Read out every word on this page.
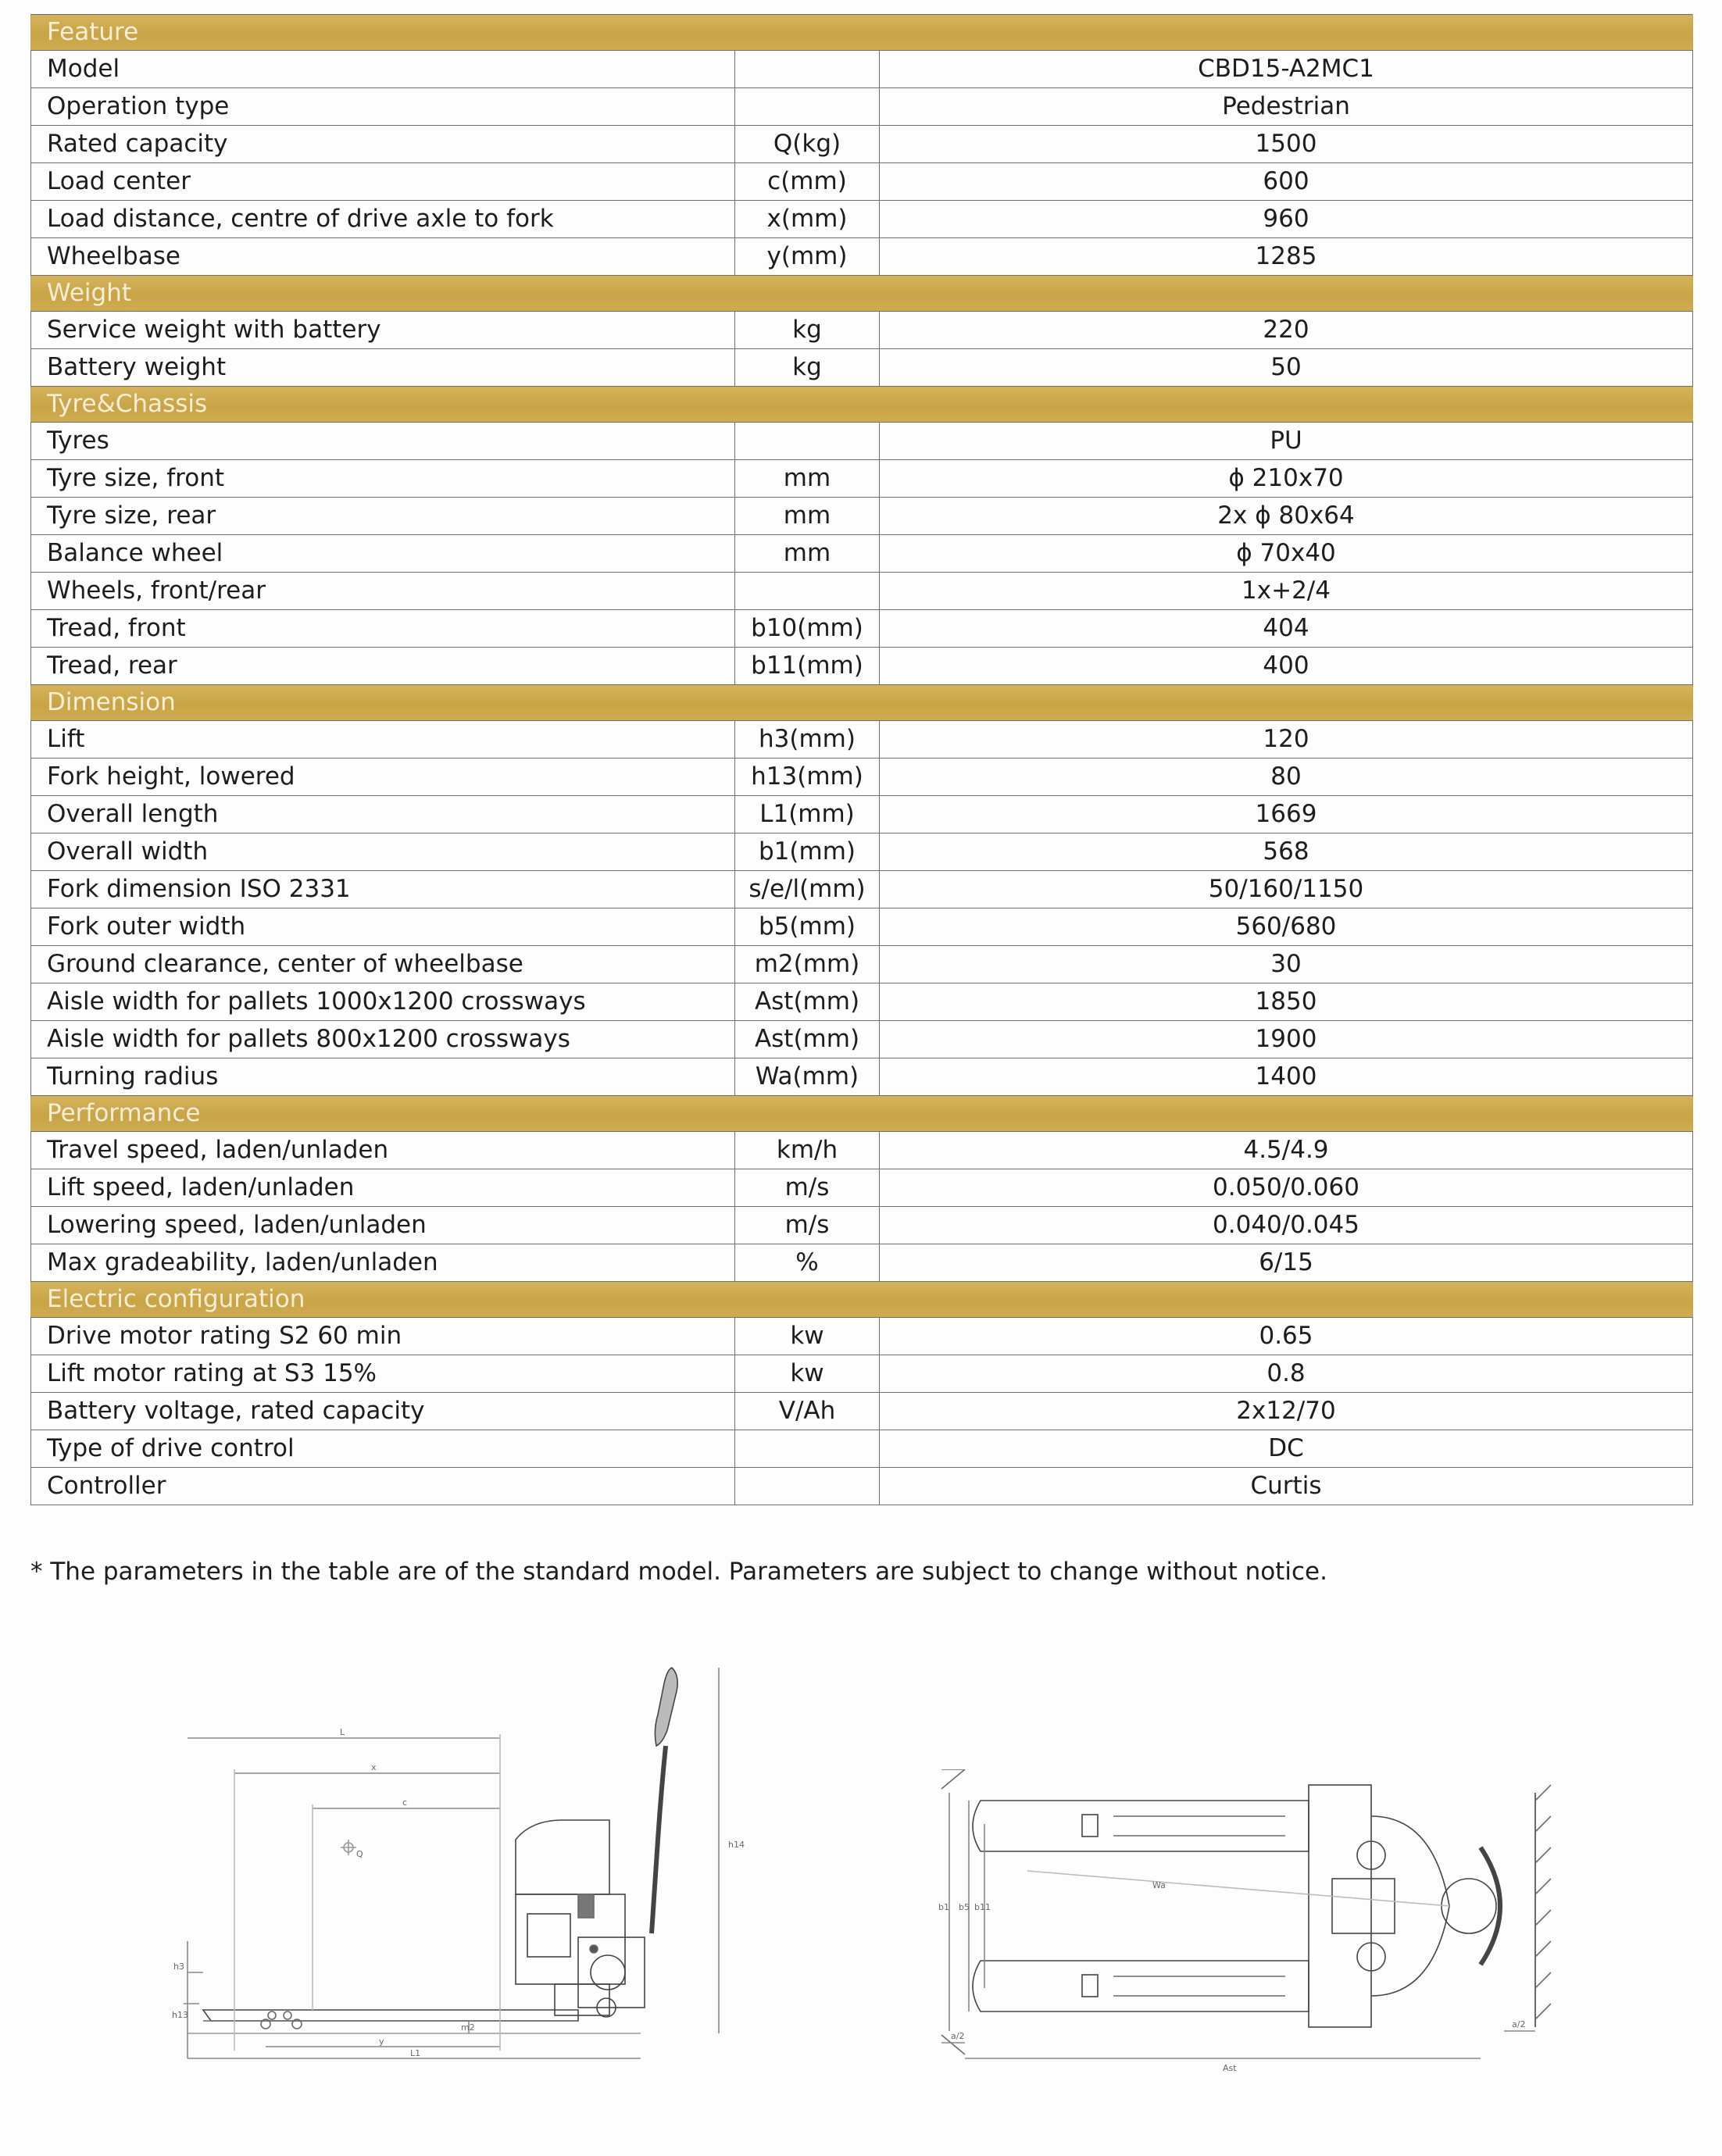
Feature		
Model		CBD15-A2MC1
Operation type		Pedestrian
Rated capacity	Q(kg)	1500
Load center	c(mm)	600
Load distance, centre of drive axle to fork	x(mm)	960
Wheelbase	y(mm)	1285
Weight		
Service weight with battery	kg	220
Battery weight	kg	50
Tyre&Chassis		
Tyres		PU
Tyre size, front	mm	ϕ 210x70
Tyre size, rear	mm	2x ϕ 80x64
Balance wheel	mm	ϕ 70x40
Wheels, front/rear		1x+2/4
Tread, front	b10(mm)	404
Tread, rear	b11(mm)	400
Dimension		
Lift	h3(mm)	120
Fork height, lowered	h13(mm)	80
Overall length	L1(mm)	1669
Overall width	b1(mm)	568
Fork dimension ISO 2331	s/e/l(mm)	50/160/1150
Fork outer width	b5(mm)	560/680
Ground clearance, center of wheelbase	m2(mm)	30
Aisle width for pallets 1000x1200 crossways	Ast(mm)	1850
Aisle width for pallets 800x1200 crossways	Ast(mm)	1900
Turning radius	Wa(mm)	1400
Performance		
Travel speed, laden/unladen	km/h	4.5/4.9
Lift speed, laden/unladen	m/s	0.050/0.060
Lowering speed, laden/unladen	m/s	0.040/0.045
Max gradeability, laden/unladen	%	6/15
Electric configuration		
Drive motor rating S2 60 min	kw	0.65
Lift motor rating at S3 15%	kw	0.8
Battery voltage, rated capacity	V/Ah	2x12/70
Type of drive control		DC
Controller		Curtis
* The parameters in the table are of the standard model. Parameters are subject to change without notice.
L
x
c
Q
h14
h3
h13
m2
y
L1
b1 b5 b11
Wa
Ast
a/2
a/2
